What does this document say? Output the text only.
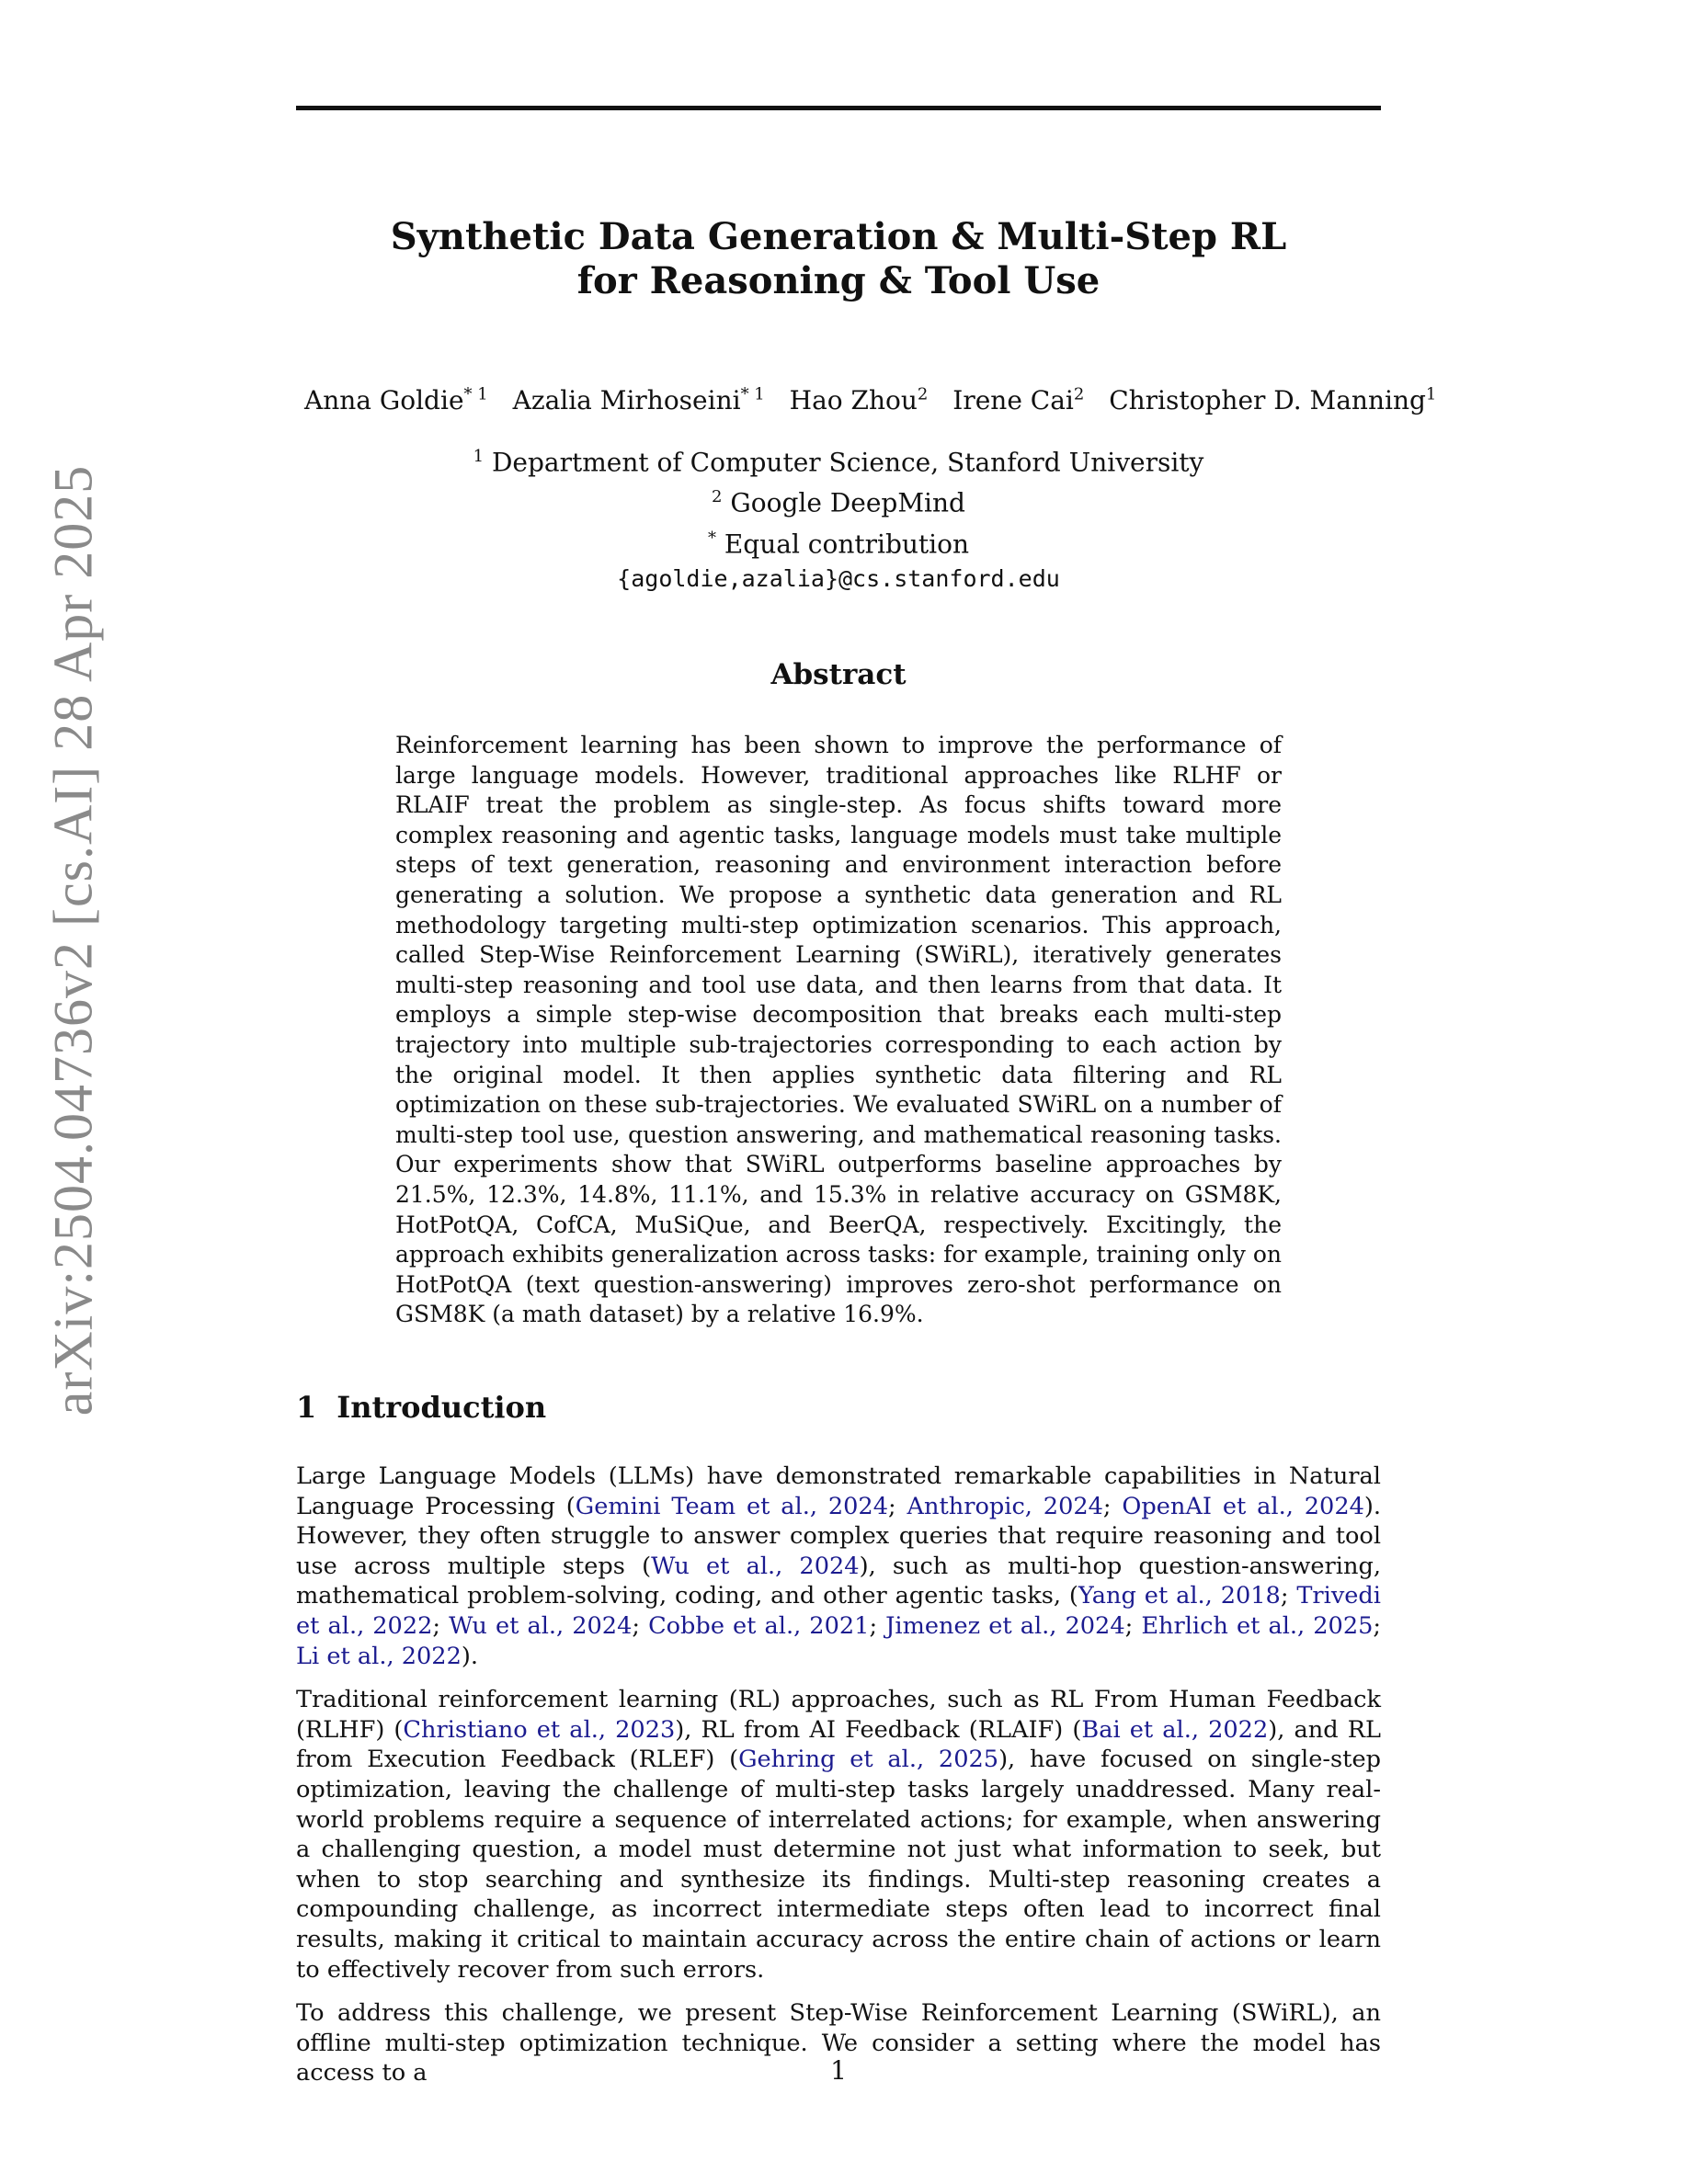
arXiv:2504.04736v2 [cs.AI] 28 Apr 2025
Synthetic Data Generation & Multi-Step RL
for Reasoning & Tool Use
Anna Goldie$^{* 1}$ Azalia Mirhoseini$^{* 1}$ Hao Zhou$^2$ Irene Cai$^2$ Christopher D. Manning$^1$
$^1$ Department of Computer Science, Stanford University
$^2$ Google DeepMind
* Equal contribution
{agoldie,azalia}@cs.stanford.edu
Abstract

Reinforcement learning has been shown to improve the performance of large language models. However, traditional approaches like RLHF or RLAIF treat the problem as single-step. As focus shifts toward more complex reasoning and agentic tasks, language models must take multiple steps of text generation, reasoning and environment interaction before generating a solution. We propose a synthetic data generation and RL methodology targeting multi-step optimization scenarios. This approach, called Step-Wise Reinforcement Learning (SWiRL), iteratively generates multi-step reasoning and tool use data, and then learns from that data. It employs a simple step-wise decomposition that breaks each multi-step trajectory into multiple sub-trajectories corresponding to each action by the original model. It then applies synthetic data filtering and RL optimization on these sub-trajectories. We evaluated SWiRL on a number of multi-step tool use, question answering, and mathematical reasoning tasks. Our experiments show that SWiRL outperforms baseline approaches by 21.5%, 12.3%, 14.8%, 11.1%, and 15.3% in relative accuracy on GSM8K, HotPotQA, CofCA, MuSiQue, and BeerQA, respectively. Excitingly, the approach exhibits generalization across tasks: for example, training only on HotPotQA (text question-answering) improves zero-shot performance on GSM8K (a math dataset) by a relative 16.9%.

1 Introduction

Large Language Models (LLMs) have demonstrated remarkable capabilities in Natural Language Processing (Gemini Team et al., 2024; Anthropic, 2024; OpenAI et al., 2024). However, they often struggle to answer complex queries that require reasoning and tool use across multiple steps (Wu et al., 2024), such as multi-hop question-answering, mathematical problem-solving, coding, and other agentic tasks, (Yang et al., 2018; Trivedi et al., 2022; Wu et al., 2024; Cobbe et al., 2021; Jimenez et al., 2024; Ehrlich et al., 2025; Li et al., 2022).

Traditional reinforcement learning (RL) approaches, such as RL From Human Feedback (RLHF) (Christiano et al., 2023), RL from AI Feedback (RLAIF) (Bai et al., 2022), and RL from Execution Feedback (RLEF) (Gehring et al., 2025), have focused on single-step optimization, leaving the challenge of multi-step tasks largely unaddressed. Many real-world problems require a sequence of interrelated actions; for example, when answering a challenging question, a model must determine not just what information to seek, but when to stop searching and synthesize its findings. Multi-step reasoning creates a compounding challenge, as incorrect intermediate steps often lead to incorrect final results, making it critical to maintain accuracy across the entire chain of actions or learn to effectively recover from such errors.

To address this challenge, we present Step-Wise Reinforcement Learning (SWiRL), an offline multi-step optimization technique. We consider a setting where the model has access to a	1
